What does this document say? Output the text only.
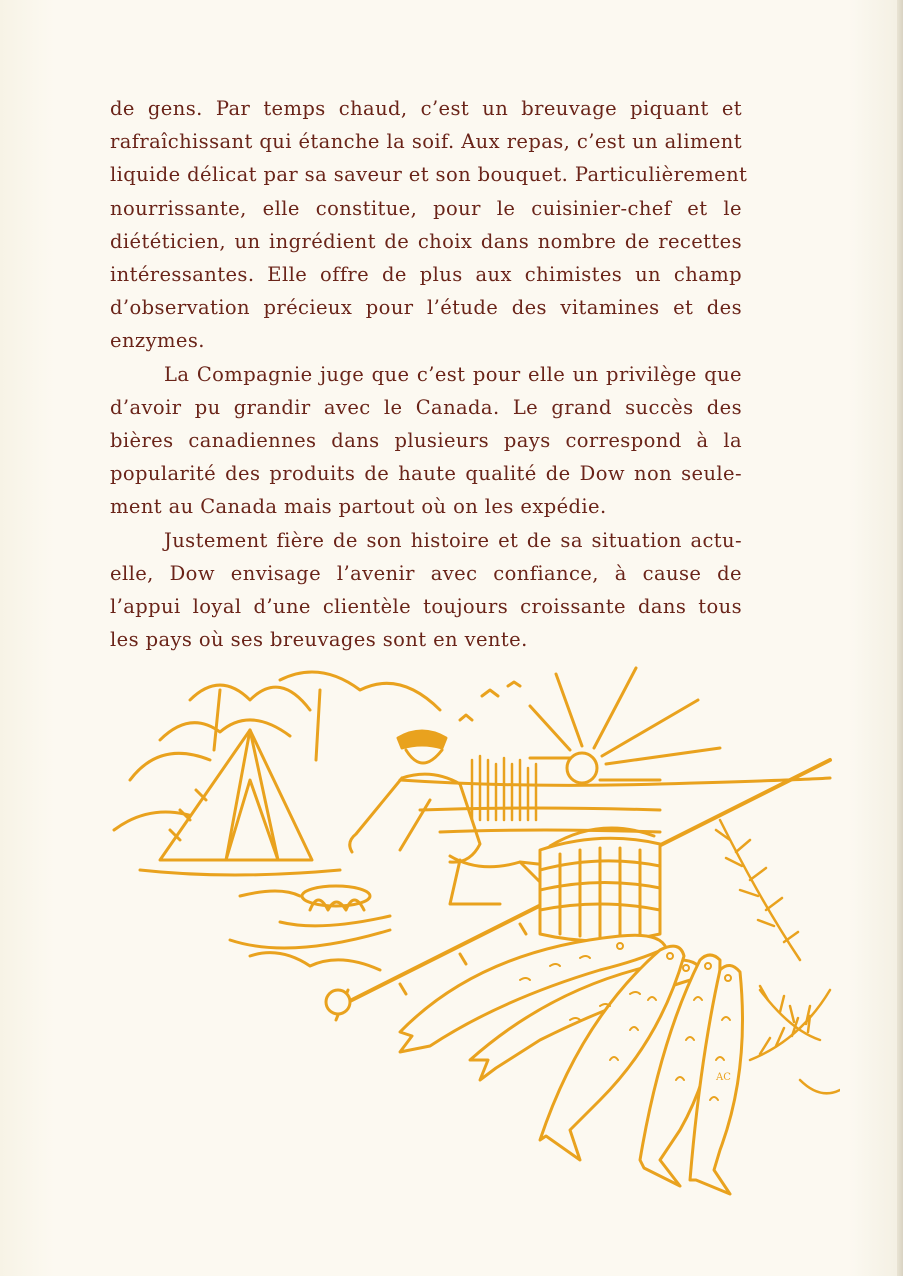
de gens. Par temps chaud, c’est un breuvage piquant et
rafraîchissant qui étanche la soif. Aux repas, c’est un aliment
liquide délicat par sa saveur et son bouquet. Particulièrement
nourrissante, elle constitue, pour le cuisinier-chef et le
diététicien, un ingrédient de choix dans nombre de recettes
intéressantes. Elle offre de plus aux chimistes un champ
d’observation précieux pour l’étude des vitamines et des
enzymes.

La Compagnie juge que c’est pour elle un privilège que
d’avoir pu grandir avec le Canada. Le grand succès des
bières canadiennes dans plusieurs pays correspond à la
popularité des produits de haute qualité de Dow non seule-
ment au Canada mais partout où on les expédie.

Justement fière de son histoire et de sa situation actu-
elle, Dow envisage l’avenir avec confiance, à cause de
l’appui loyal d’une clientèle toujours croissante dans tous
les pays où ses breuvages sont en vente.

AC
